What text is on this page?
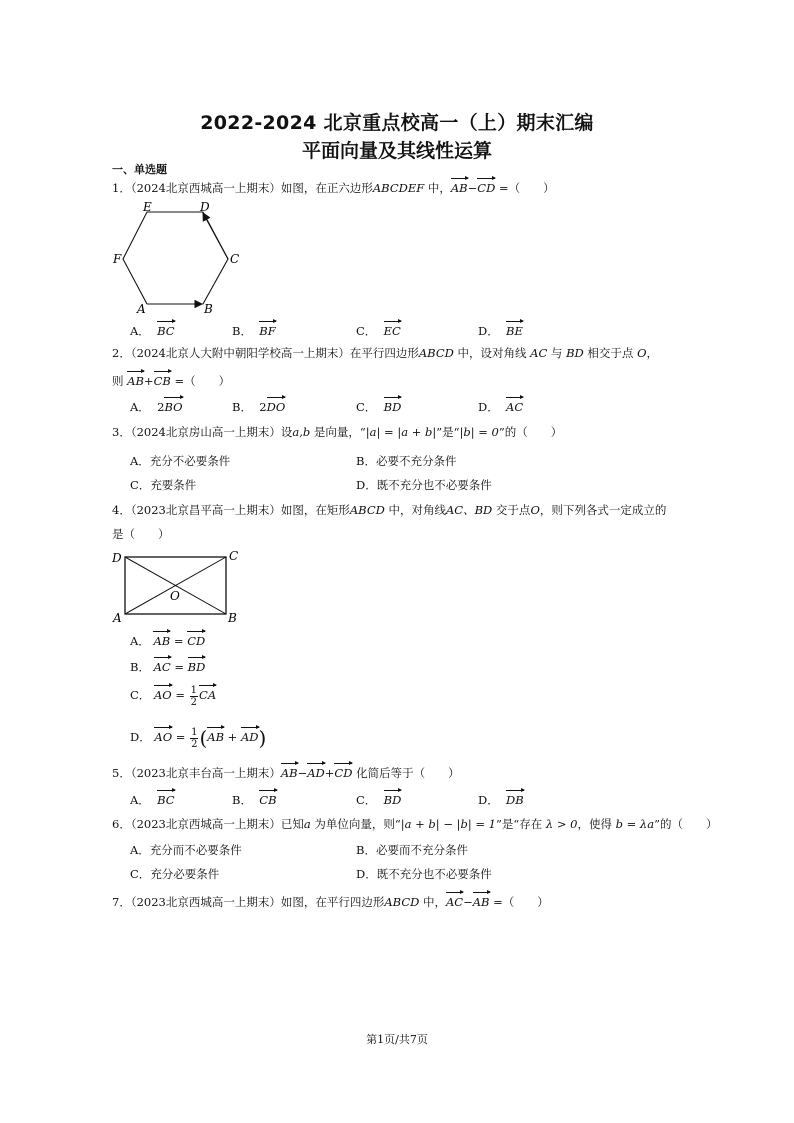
2022-2024 北京重点校高一（上）期末汇编
平面向量及其线性运算
一、单选题
1．（2024北京西城高一上期末）如图，在正六边形ABCDEF 中，AB−CD =（　　）
E	D
F	C
A	B
A． BC	B． BF	C． EC	D． BE
2．（2024北京人大附中朝阳学校高一上期末）在平行四边形ABCD 中，设对角线 AC 与 BD 相交于点 O，
则 AB+CB =（　　）
A． 2BO	B． 2DO	C． BD	D． AC
3．（2024北京房山高一上期末）设a,b 是向量，“|a| = |a + b|”是“|b| = 0”的（　　）
A．充分不必要条件	B．必要不充分条件
C．充要条件	D．既不充分也不必要条件
4．（2023北京昌平高一上期末）如图，在矩形ABCD 中，对角线AC、BD 交于点O，则下列各式一定成立的
是（　　）
D	C
O
A	B
A． AB = CD
B． AC = BD
C． AO = $\frac{1}{2}$ CA
D． AO = $\frac{1}{2} (AB + AD)$
5．（2023北京丰台高一上期末）AB−AD+CD 化简后等于（　　）
A． BC	B． CB	C． BD	D． DB
6．（2023北京西城高一上期末）已知a 为单位向量，则“|a + b| − |b| = 1”是“存在 λ > 0，使得 b = λa”的（　　）
A．充分而不必要条件	B．必要而不充分条件
C．充分必要条件	D．既不充分也不必要条件
7．（2023北京西城高一上期末）如图，在平行四边形ABCD 中，AC−AB =（　　）
第1页/共7页
